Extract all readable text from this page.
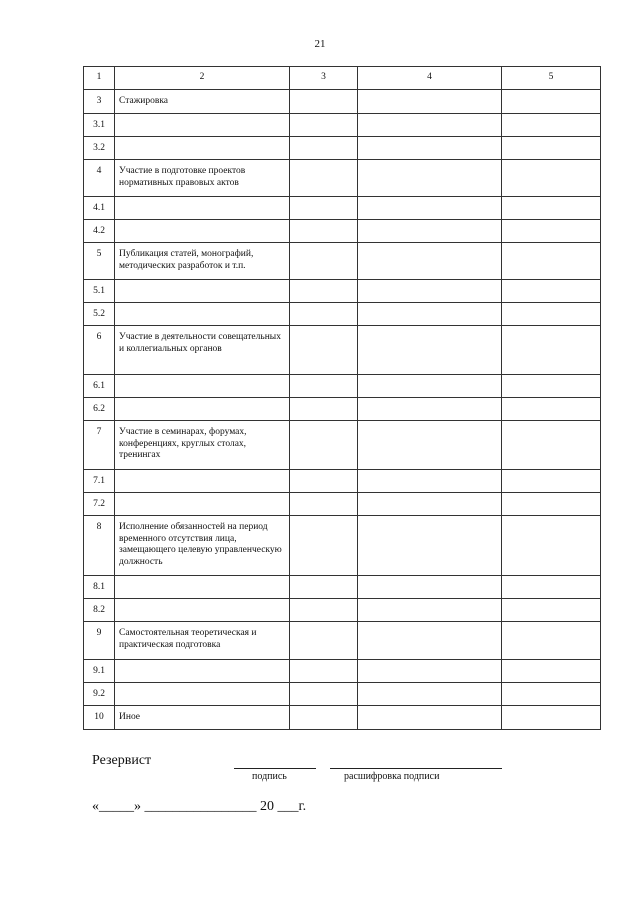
21
1	2	3	4	5
3	Стажировка			
3.1				
3.2				
4	Участие в подготовке проектов нормативных правовых актов			
4.1				
4.2				
5	Публикация статей, монографий, методических разработок и т.п.			
5.1				
5.2				
6	Участие в деятельности совещательных и коллегиальных органов			
6.1				
6.2				
7	Участие в семинарах, форумах, конференциях, круглых столах, тренингах			
7.1				
7.2				
8	Исполнение обязанностей на период временного отсутствия лица, замещающего целевую управленческую должность			
8.1				
8.2				
9	Самостоятельная теоретическая и практическая подготовка			
9.1				
9.2				
10	Иное			
Резервист
подпись	расшифровка подписи
«_____» ________________ 20 ___г.
